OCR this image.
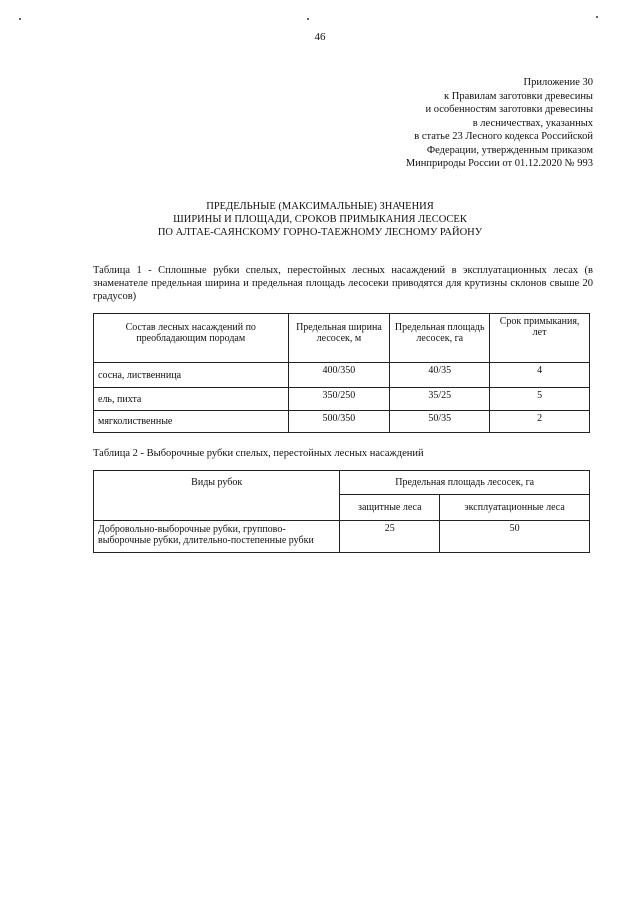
46
Приложение 30
к Правилам заготовки древесины
и особенностям заготовки древесины
в лесничествах, указанных
в статье 23 Лесного кодекса Российской
Федерации, утвержденным приказом
Минприроды России от 01.12.2020 № 993
ПРЕДЕЛЬНЫЕ (МАКСИМАЛЬНЫЕ) ЗНАЧЕНИЯ
ШИРИНЫ И ПЛОЩАДИ, СРОКОВ ПРИМЫКАНИЯ ЛЕСОСЕК
ПО АЛТАЕ-САЯНСКОМУ ГОРНО-ТАЕЖНОМУ ЛЕСНОМУ РАЙОНУ
Таблица 1 - Сплошные рубки спелых, перестойных лесных насаждений в эксплуатационных лесах (в знаменателе предельная ширина и предельная площадь лесосеки приводятся для крутизны склонов свыше 20 градусов)
Состав лесных насаждений по преобладающим породам	Предельная ширина лесосек, м	Предельная площадь лесосек, га	Срок примыкания, лет
сосна, лиственница	400/350	40/35	4
ель, пихта	350/250	35/25	5
мягколиственные	500/350	50/35	2
Таблица 2 - Выборочные рубки спелых, перестойных лесных насаждений
Виды рубок	Предельная площадь лесосек, га	
	защитные леса	эксплуатационные леса
Добровольно-выборочные рубки, группово-выборочные рубки, длительно-постепенные рубки	25	50
